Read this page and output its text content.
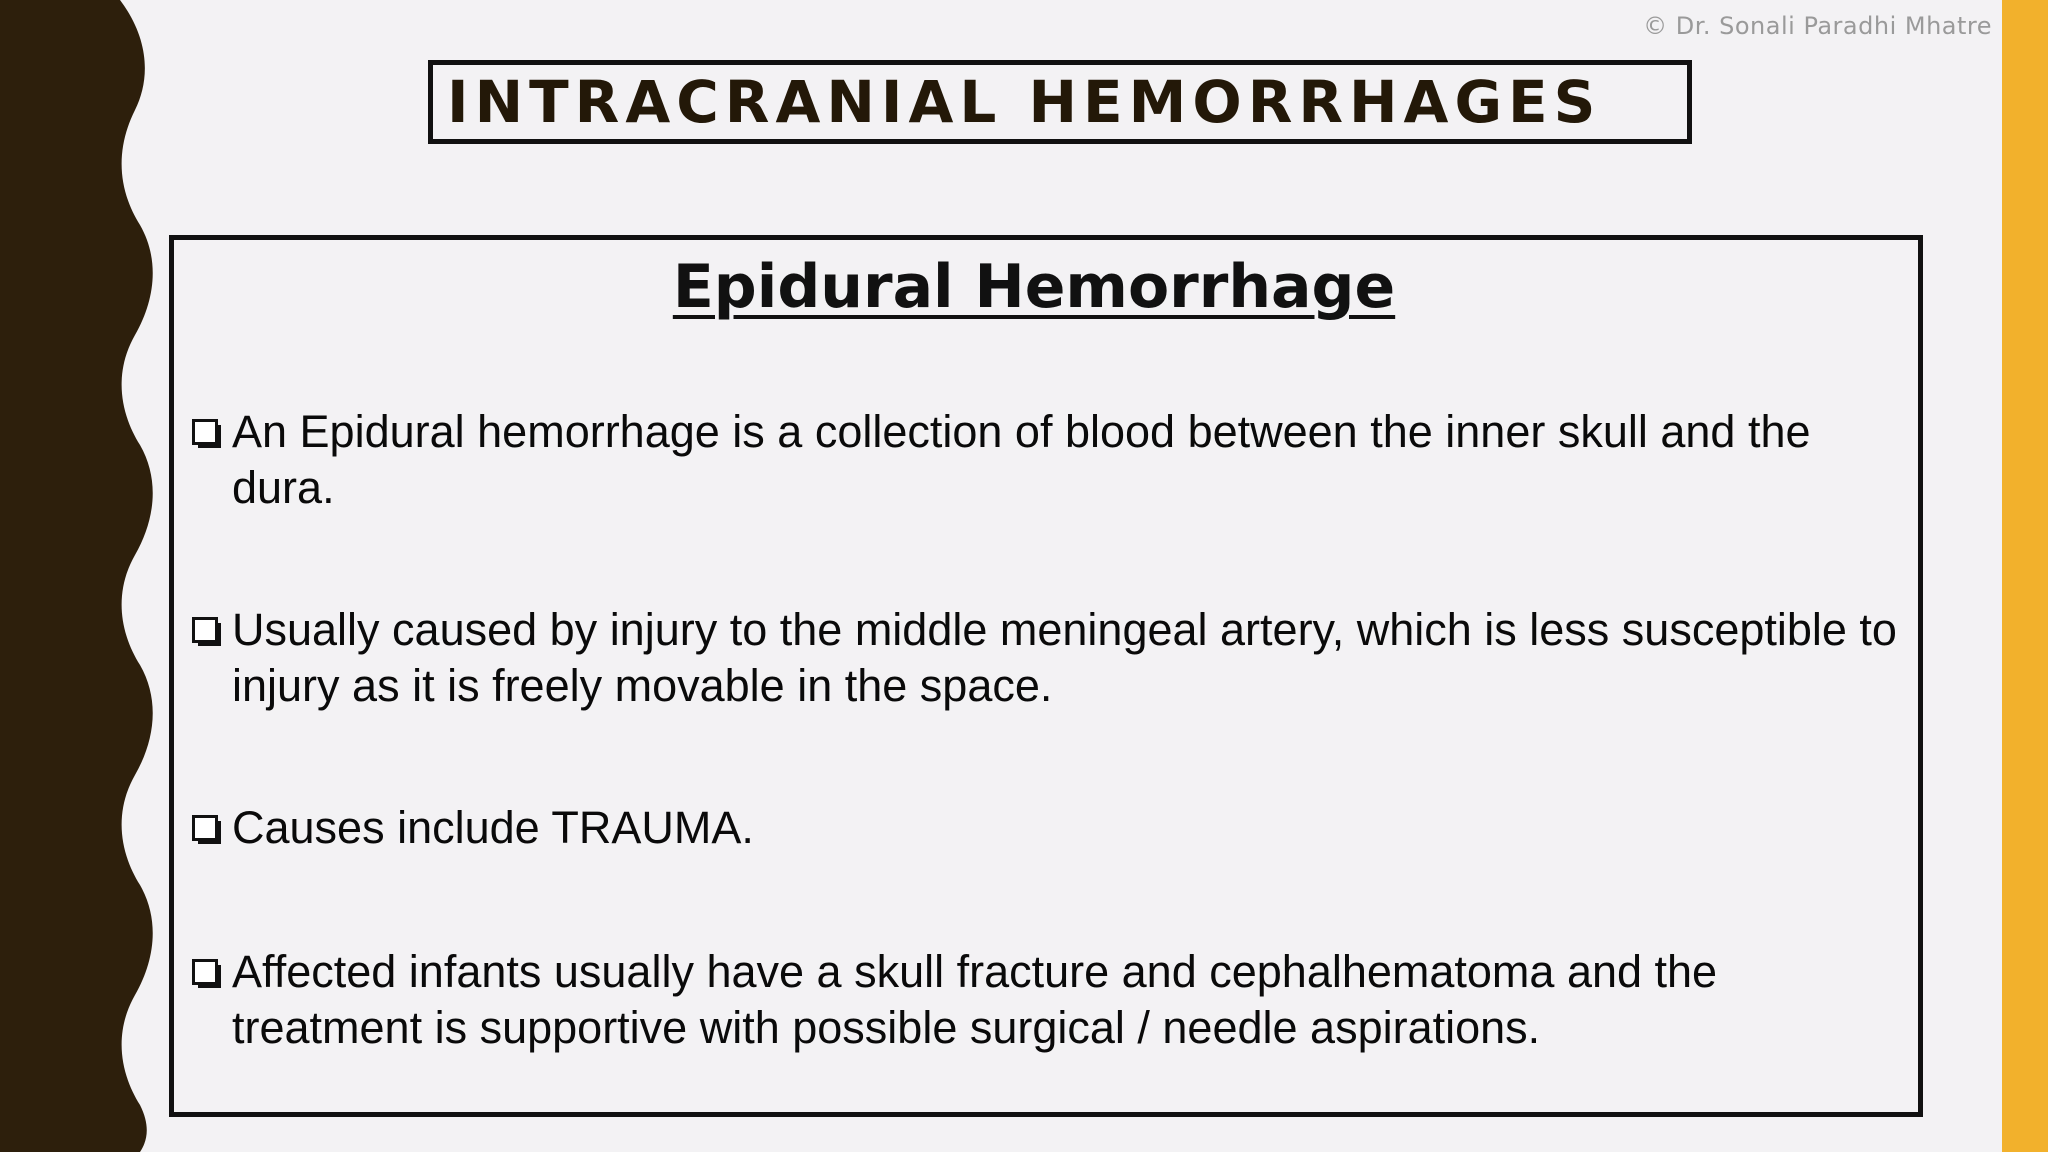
© Dr. Sonali Paradhi Mhatre
INTRACRANIAL HEMORRHAGES
Epidural Hemorrhage
An Epidural hemorrhage is a collection of blood between the inner skull and the dura.
Usually caused by injury to the middle meningeal artery, which is less susceptible to injury as it is freely movable in the space.
Causes include TRAUMA.
Affected infants usually have a skull fracture and cephalhematoma and the treatment is supportive with possible surgical / needle aspirations.
